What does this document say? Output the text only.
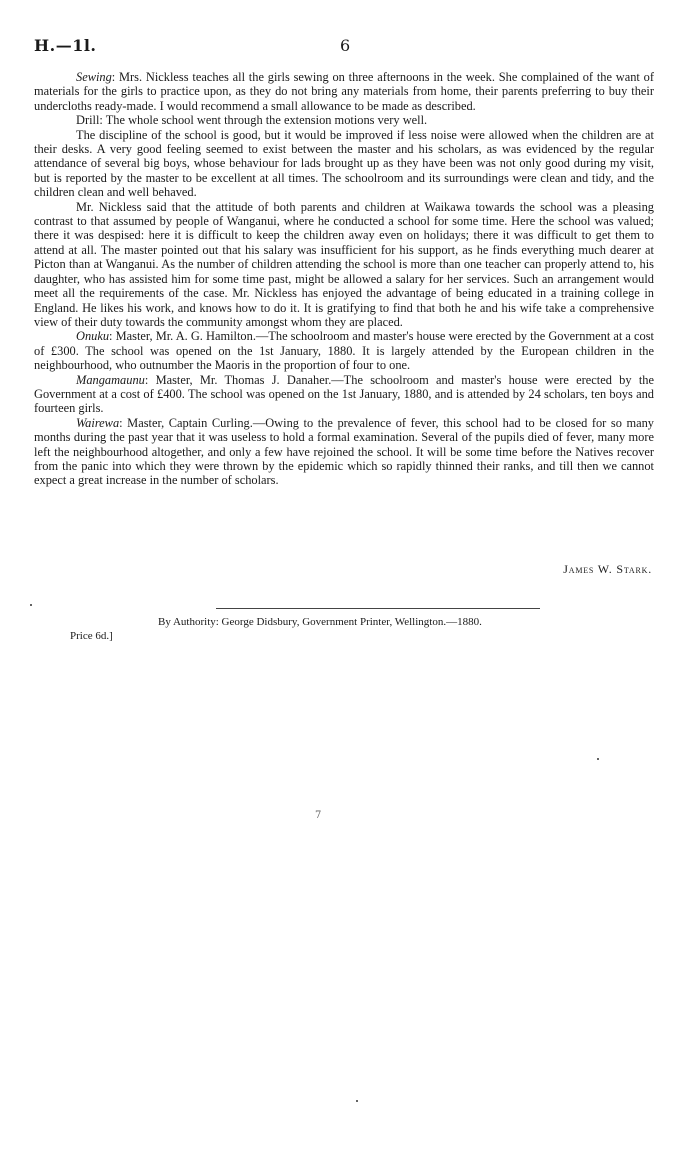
H.—1l.	6

Sewing: Mrs. Nickless teaches all the girls sewing on three afternoons in the week. She complained of the want of materials for the girls to practice upon, as they do not bring any materials from home, their parents preferring to buy their undercloths ready-made. I would recommend a small allowance to be made as described.

Drill: The whole school went through the extension motions very well.

The discipline of the school is good, but it would be improved if less noise were allowed when the children are at their desks. A very good feeling seemed to exist between the master and his scholars, as was evidenced by the regular attendance of several big boys, whose behaviour for lads brought up as they have been was not only good during my visit, but is reported by the master to be excellent at all times. The schoolroom and its surroundings were clean and tidy, and the children clean and well behaved.

Mr. Nickless said that the attitude of both parents and children at Waikawa towards the school was a pleasing contrast to that assumed by people of Wanganui, where he conducted a school for some time. Here the school was valued; there it was despised: here it is difficult to keep the children away even on holidays; there it was difficult to get them to attend at all. The master pointed out that his salary was insufficient for his support, as he finds everything much dearer at Picton than at Wanganui. As the number of children attending the school is more than one teacher can properly attend to, his daughter, who has assisted him for some time past, might be allowed a salary for her services. Such an arrangement would meet all the requirements of the case. Mr. Nickless has enjoyed the advantage of being educated in a training college in England. He likes his work, and knows how to do it. It is gratifying to find that both he and his wife take a comprehensive view of their duty towards the community amongst whom they are placed.

Onuku: Master, Mr. A. G. Hamilton.—The schoolroom and master's house were erected by the Government at a cost of £300. The school was opened on the 1st January, 1880. It is largely attended by the European children in the neighbourhood, who outnumber the Maoris in the proportion of four to one.

Mangamaunu: Master, Mr. Thomas J. Danaher.—The schoolroom and master's house were erected by the Government at a cost of £400. The school was opened on the 1st January, 1880, and is attended by 24 scholars, ten boys and fourteen girls.

Wairewa: Master, Captain Curling.—Owing to the prevalence of fever, this school had to be closed for so many months during the past year that it was useless to hold a formal examination. Several of the pupils died of fever, many more left the neighbourhood altogether, and only a few have rejoined the school. It will be some time before the Natives recover from the panic into which they were thrown by the epidemic which so rapidly thinned their ranks, and till then we cannot expect a great increase in the number of scholars.

James W. Stark.
By Authority: George Didsbury, Government Printer, Wellington.—1880.
Price 6d.]
7
